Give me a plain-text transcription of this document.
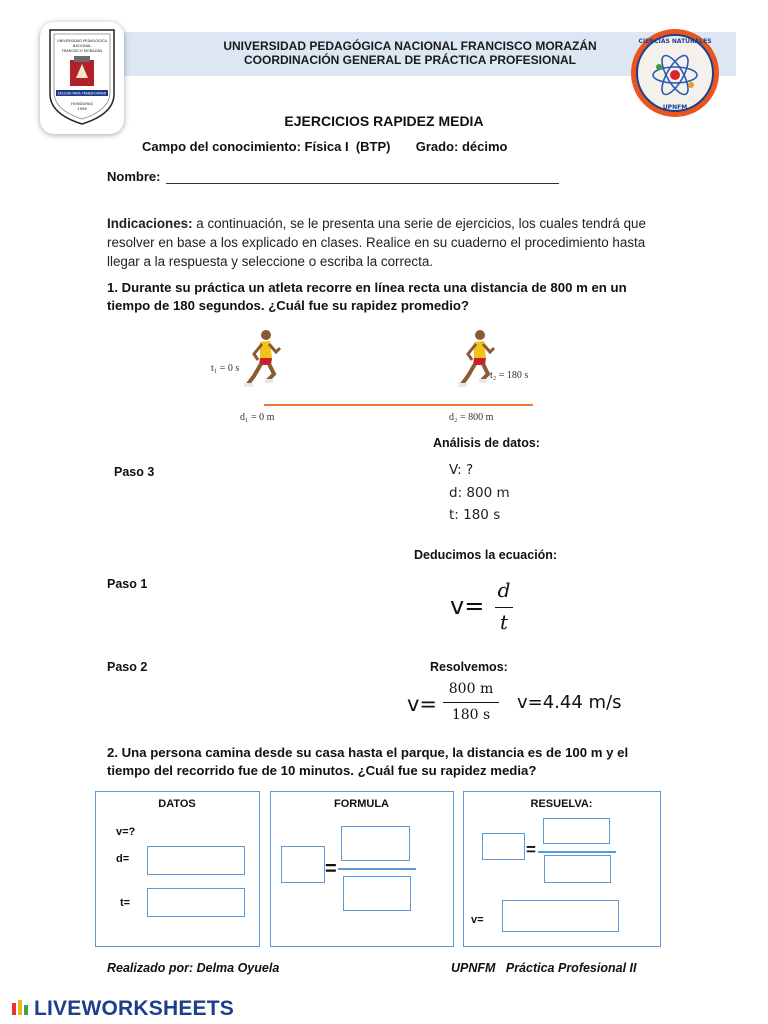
UNIVERSIDAD PEDAGÓGICA NACIONAL FRANCISCO MORAZÁN
COORDINACIÓN GENERAL DE PRÁCTICA PROFESIONAL
UNIVERSIDAD PEDAGÓGICA
NACIONAL
FRANCISCO MORAZÁN
EDUCAR PARA TRANSFORMAR
HONDURAS
1956
CIENCIAS NATURALES
UPNFM
EJERCICIOS RAPIDEZ MEDIA
Campo del conocimiento: Física I  (BTP)       Grado: décimo
Nombre:
Indicaciones: a continuación, se le presenta una serie de ejercicios, los cuales tendrá que resolver en base a los explicado en clases. Realice en su cuaderno el procedimiento hasta llegar a la respuesta y seleccione o escriba la correcta.
1. Durante su práctica un atleta recorre en línea recta una distancia de 800 m en un tiempo de 180 segundos. ¿Cuál fue su rapidez promedio?
t₁ = 0 s
t₂ = 180 s
d₁ = 0 m	d₂ = 800 m
Análisis de datos:
Paso 3	V: ?
d: 800 m
t: 180 s
Deducimos la ecuación:
Paso 1
v=
d
t
Resolvemos:
Paso 2
v=
800 m
180 s
v=4.44 m/s
2. Una persona camina desde su casa hasta el parque, la distancia es de 100 m y el tiempo del recorrido fue de 10 minutos. ¿Cuál fue su rapidez media?
DATOS
v=?
d=
t=
FORMULA
=
RESUELVA:
=
v=
Realizado por: Delma Oyuela	UPNFM   Práctica Profesional II
LIVEWORKSHEETS
